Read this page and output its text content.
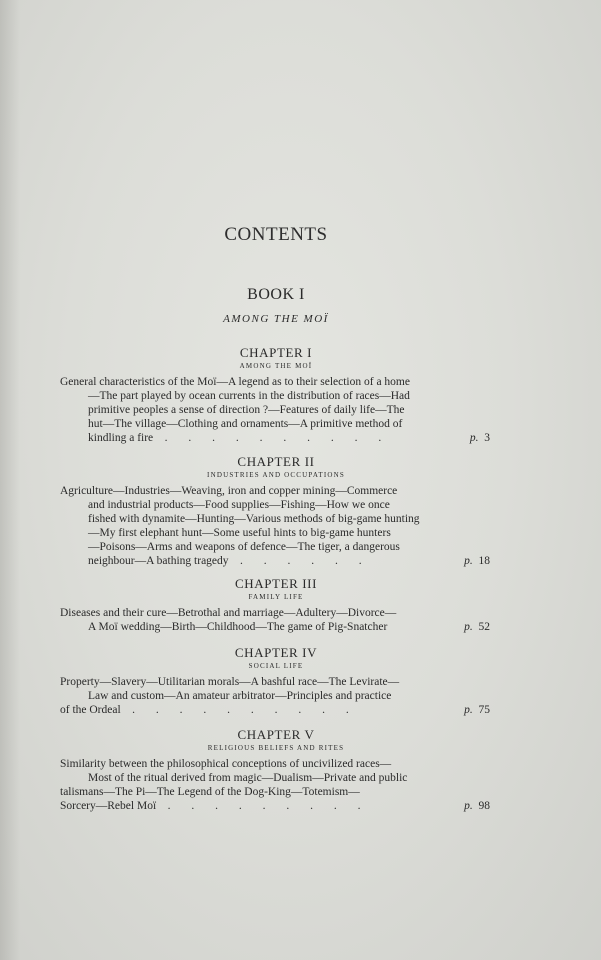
CONTENTS
BOOK I
AMONG THE MOÏ
CHAPTER I
AMONG THE MOÏ
General characteristics of the Moï—A legend as to their selection of a home
—The part played by ocean currents in the distribution of races—Had
primitive peoples a sense of direction ?—Features of daily life—The
hut—The village—Clothing and ornaments—A primitive method of
kindling a fire . . . . . . . . . .	p. 3
CHAPTER II
INDUSTRIES AND OCCUPATIONS
Agriculture—Industries—Weaving, iron and copper mining—Commerce
and industrial products—Food supplies—Fishing—How we once
fished with dynamite—Hunting—Various methods of big-game hunting
—My first elephant hunt—Some useful hints to big-game hunters
—Poisons—Arms and weapons of defence—The tiger, a dangerous
neighbour—A bathing tragedy . . . . . .	p. 18
CHAPTER III
FAMILY LIFE
Diseases and their cure—Betrothal and marriage—Adultery—Divorce—
A Moï wedding—Birth—Childhood—The game of Pig-Snatcher	p. 52
CHAPTER IV
SOCIAL LIFE
Property—Slavery—Utilitarian morals—A bashful race—The Levirate—
Law and custom—An amateur arbitrator—Principles and practice
of the Ordeal . . . . . . . . . .	p. 75
CHAPTER V
RELIGIOUS BELIEFS AND RITES
Similarity between the philosophical conceptions of uncivilized races—
Most of the ritual derived from magic—Dualism—Private and public
talismans—The Pi—The Legend of the Dog-King—Totemism—
Sorcery—Rebel Moï . . . . . . . . .	p. 98
